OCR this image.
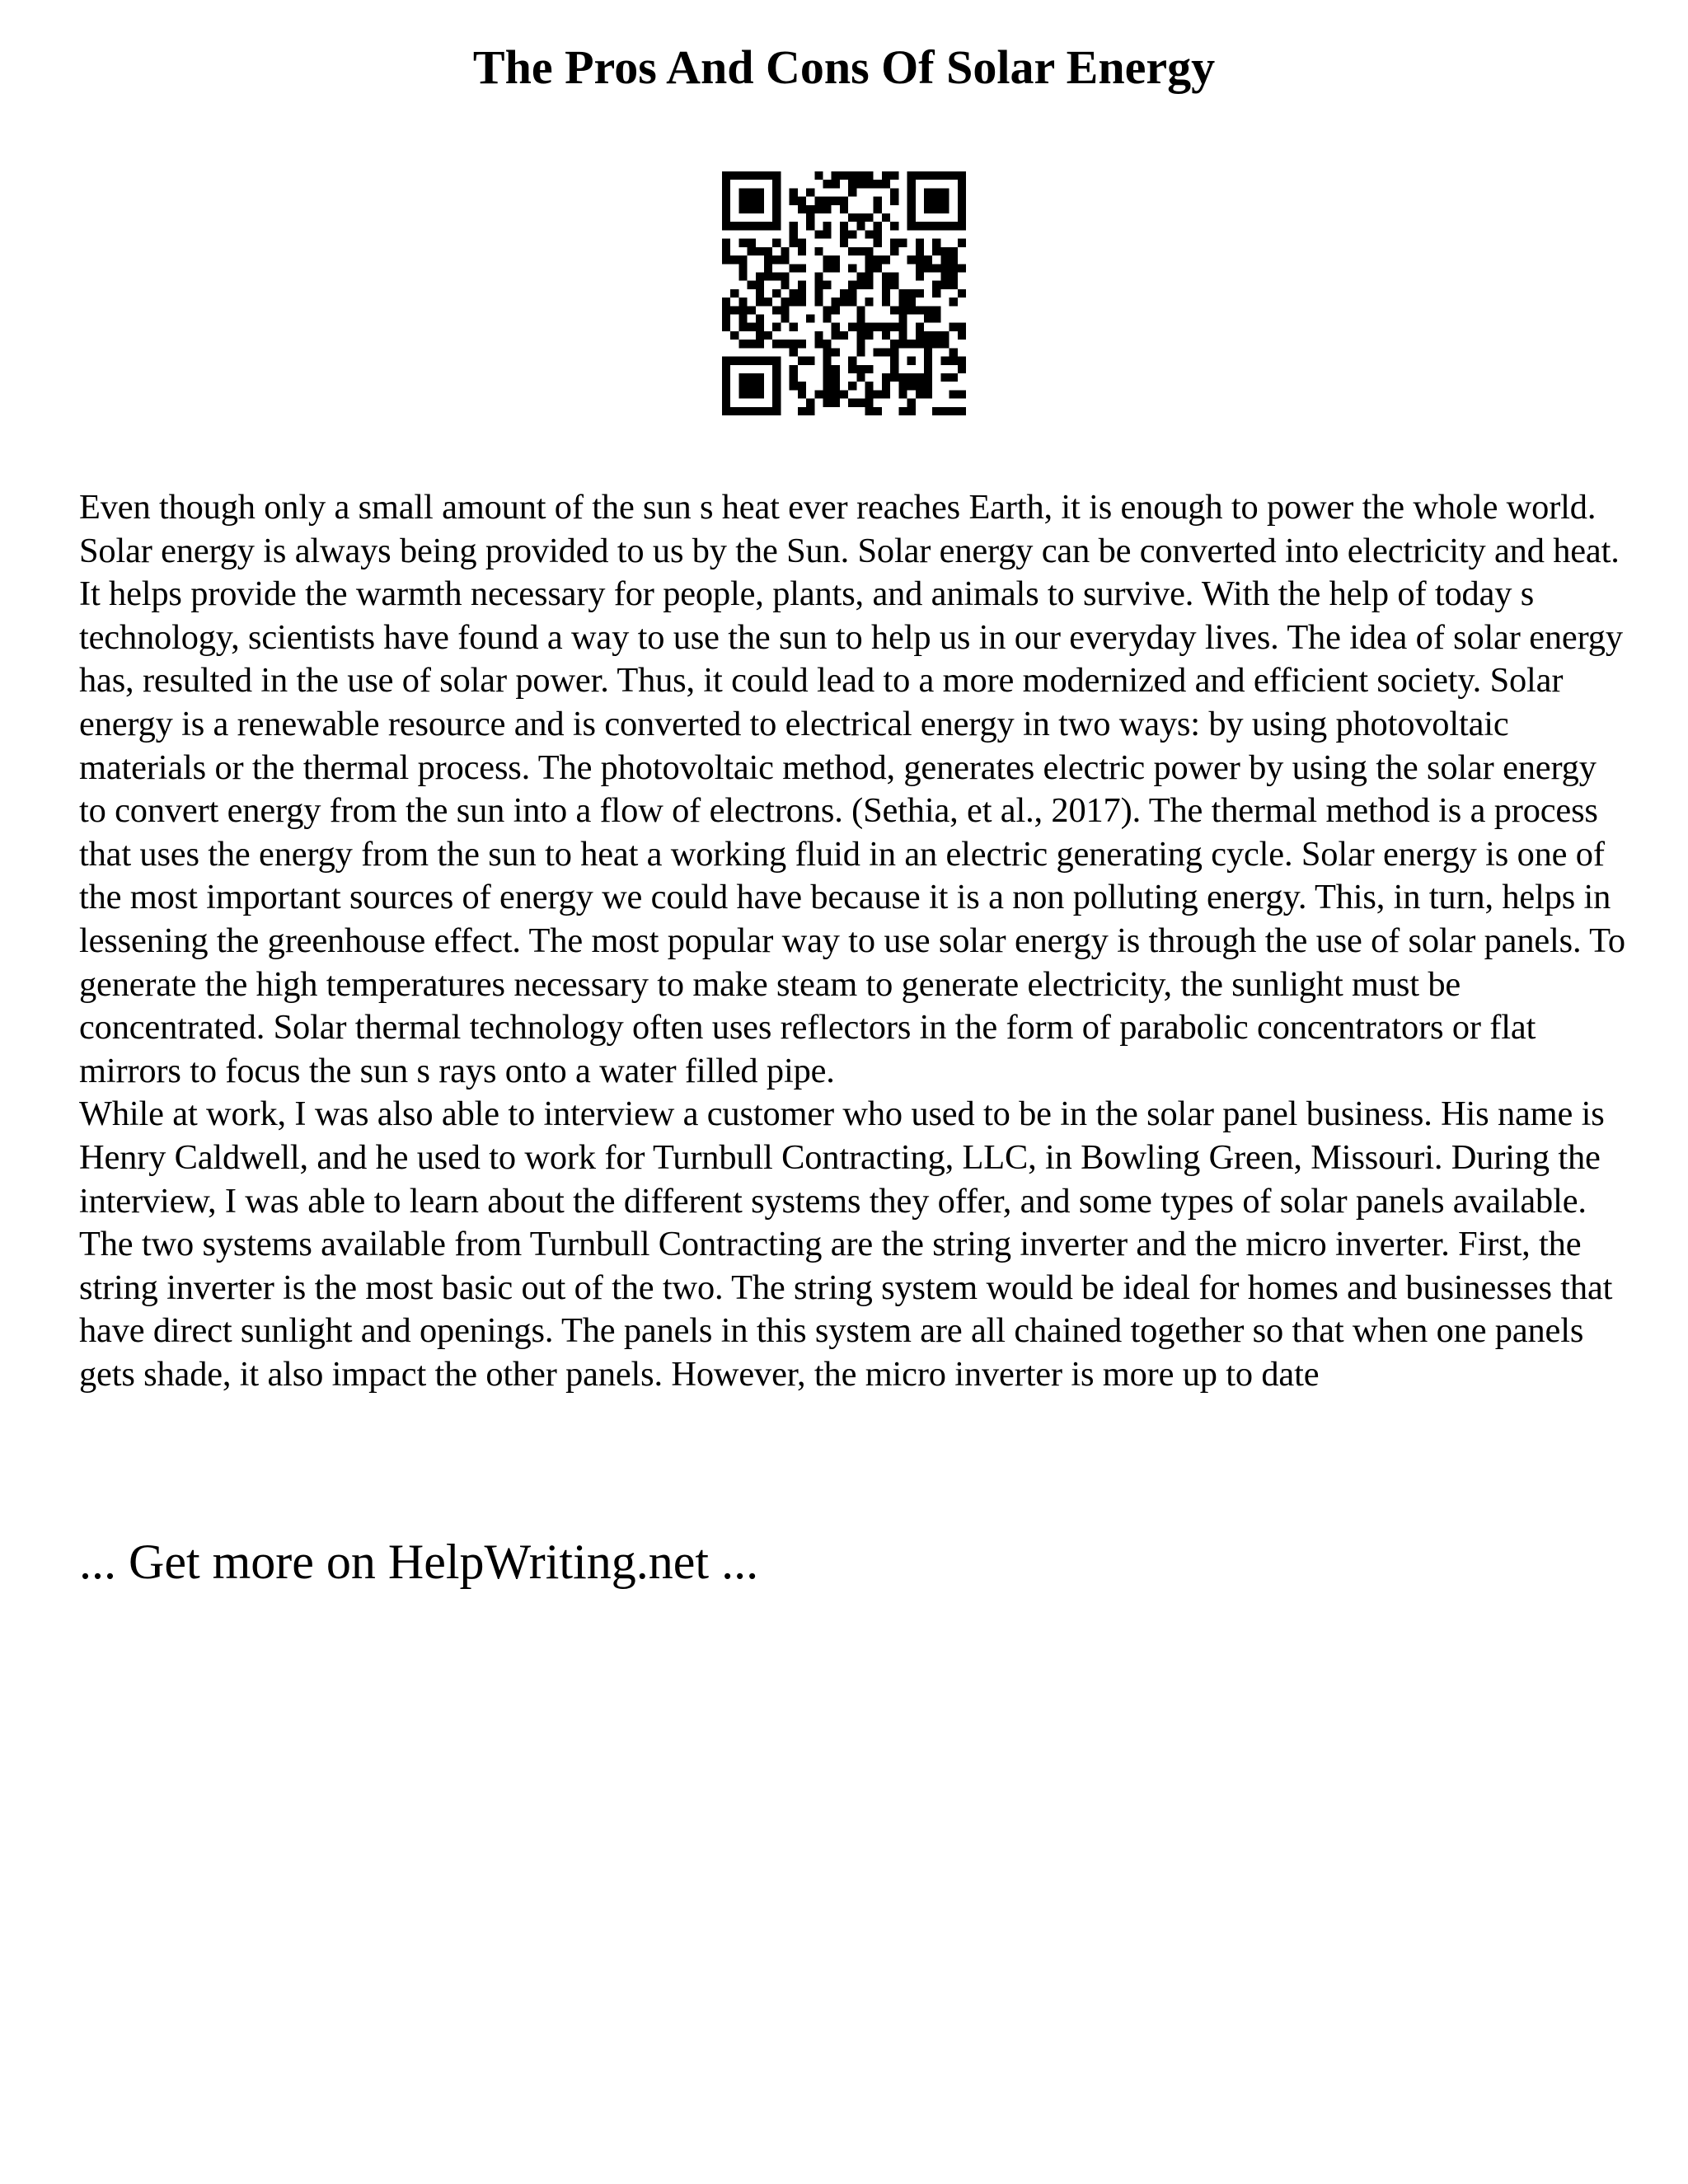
The Pros And Cons Of Solar Energy

Even though only a small amount of the sun s heat ever reaches Earth, it is enough to power the whole world. Solar energy is always being provided to us by the Sun. Solar energy can be converted into electricity and heat. It helps provide the warmth necessary for people, plants, and animals to survive. With the help of today s technology, scientists have found a way to use the sun to help us in our everyday lives. The idea of solar energy has, resulted in the use of solar power. Thus, it could lead to a more modernized and efficient society. Solar energy is a renewable resource and is converted to electrical energy in two ways: by using photovoltaic materials or the thermal process. The photovoltaic method, generates electric power by using the solar energy to convert energy from the sun into a flow of electrons. (Sethia, et al., 2017). The thermal method is a process that uses the energy from the sun to heat a working fluid in an electric generating cycle. Solar energy is one of the most important sources of energy we could have because it is a non polluting energy. This, in turn, helps in lessening the greenhouse effect. The most popular way to use solar energy is through the use of solar panels. To generate the high temperatures necessary to make steam to generate electricity, the sunlight must be concentrated. Solar thermal technology often uses reflectors in the form of parabolic concentrators or flat mirrors to focus the sun s rays onto a water filled pipe.

While at work, I was also able to interview a customer who used to be in the solar panel business. His name is Henry Caldwell, and he used to work for Turnbull Contracting, LLC, in Bowling Green, Missouri. During the interview, I was able to learn about the different systems they offer, and some types of solar panels available. The two systems available from Turnbull Contracting are the string inverter and the micro inverter. First, the string inverter is the most basic out of the two. The string system would be ideal for homes and businesses that have direct sunlight and openings. The panels in this system are all chained together so that when one panels gets shade, it also impact the other panels. However, the micro inverter is more up to date

... Get more on HelpWriting.net ...
